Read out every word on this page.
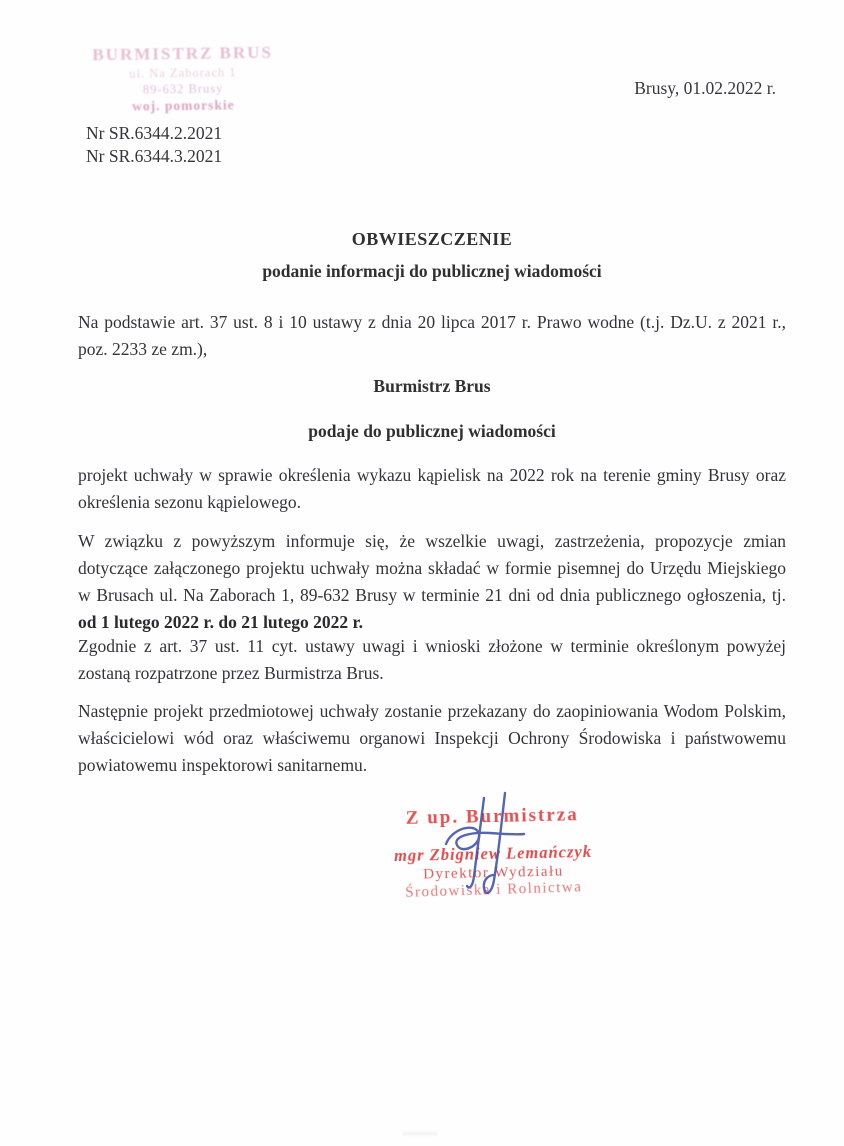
BURMISTRZ BRUS
ul. Na Zaborach 1
89-632 Brusy
woj. pomorskie
Brusy, 01.02.2022 r.
Nr SR.6344.2.2021
Nr SR.6344.3.2021
OBWIESZCZENIE
podanie informacji do publicznej wiadomości
Na podstawie art. 37 ust. 8 i 10 ustawy z dnia 20 lipca 2017 r. Prawo wodne (t.j. Dz.U. z 2021 r., poz. 2233 ze zm.),
Burmistrz Brus
podaje do publicznej wiadomości
projekt uchwały w sprawie określenia wykazu kąpielisk na 2022 rok na terenie gminy Brusy oraz określenia sezonu kąpielowego.
W związku z powyższym informuje się, że wszelkie uwagi, zastrzeżenia, propozycje zmian dotyczące załączonego projektu uchwały można składać w formie pisemnej do Urzędu Miejskiego w Brusach ul. Na Zaborach 1, 89-632 Brusy w terminie 21 dni od dnia publicznego ogłoszenia, tj. od 1 lutego 2022 r. do 21 lutego 2022 r.
Zgodnie z art. 37 ust. 11 cyt. ustawy uwagi i wnioski złożone w terminie określonym powyżej zostaną rozpatrzone przez Burmistrza Brus.
Następnie projekt przedmiotowej uchwały zostanie przekazany do zaopiniowania Wodom Polskim, właścicielowi wód oraz właściwemu organowi Inspekcji Ochrony Środowiska i państwowemu powiatowemu inspektorowi sanitarnemu.
Z up. Burmistrza
mgr Zbigniew Lemańczyk
Dyrektor Wydziału
Środowiska i Rolnictwa
